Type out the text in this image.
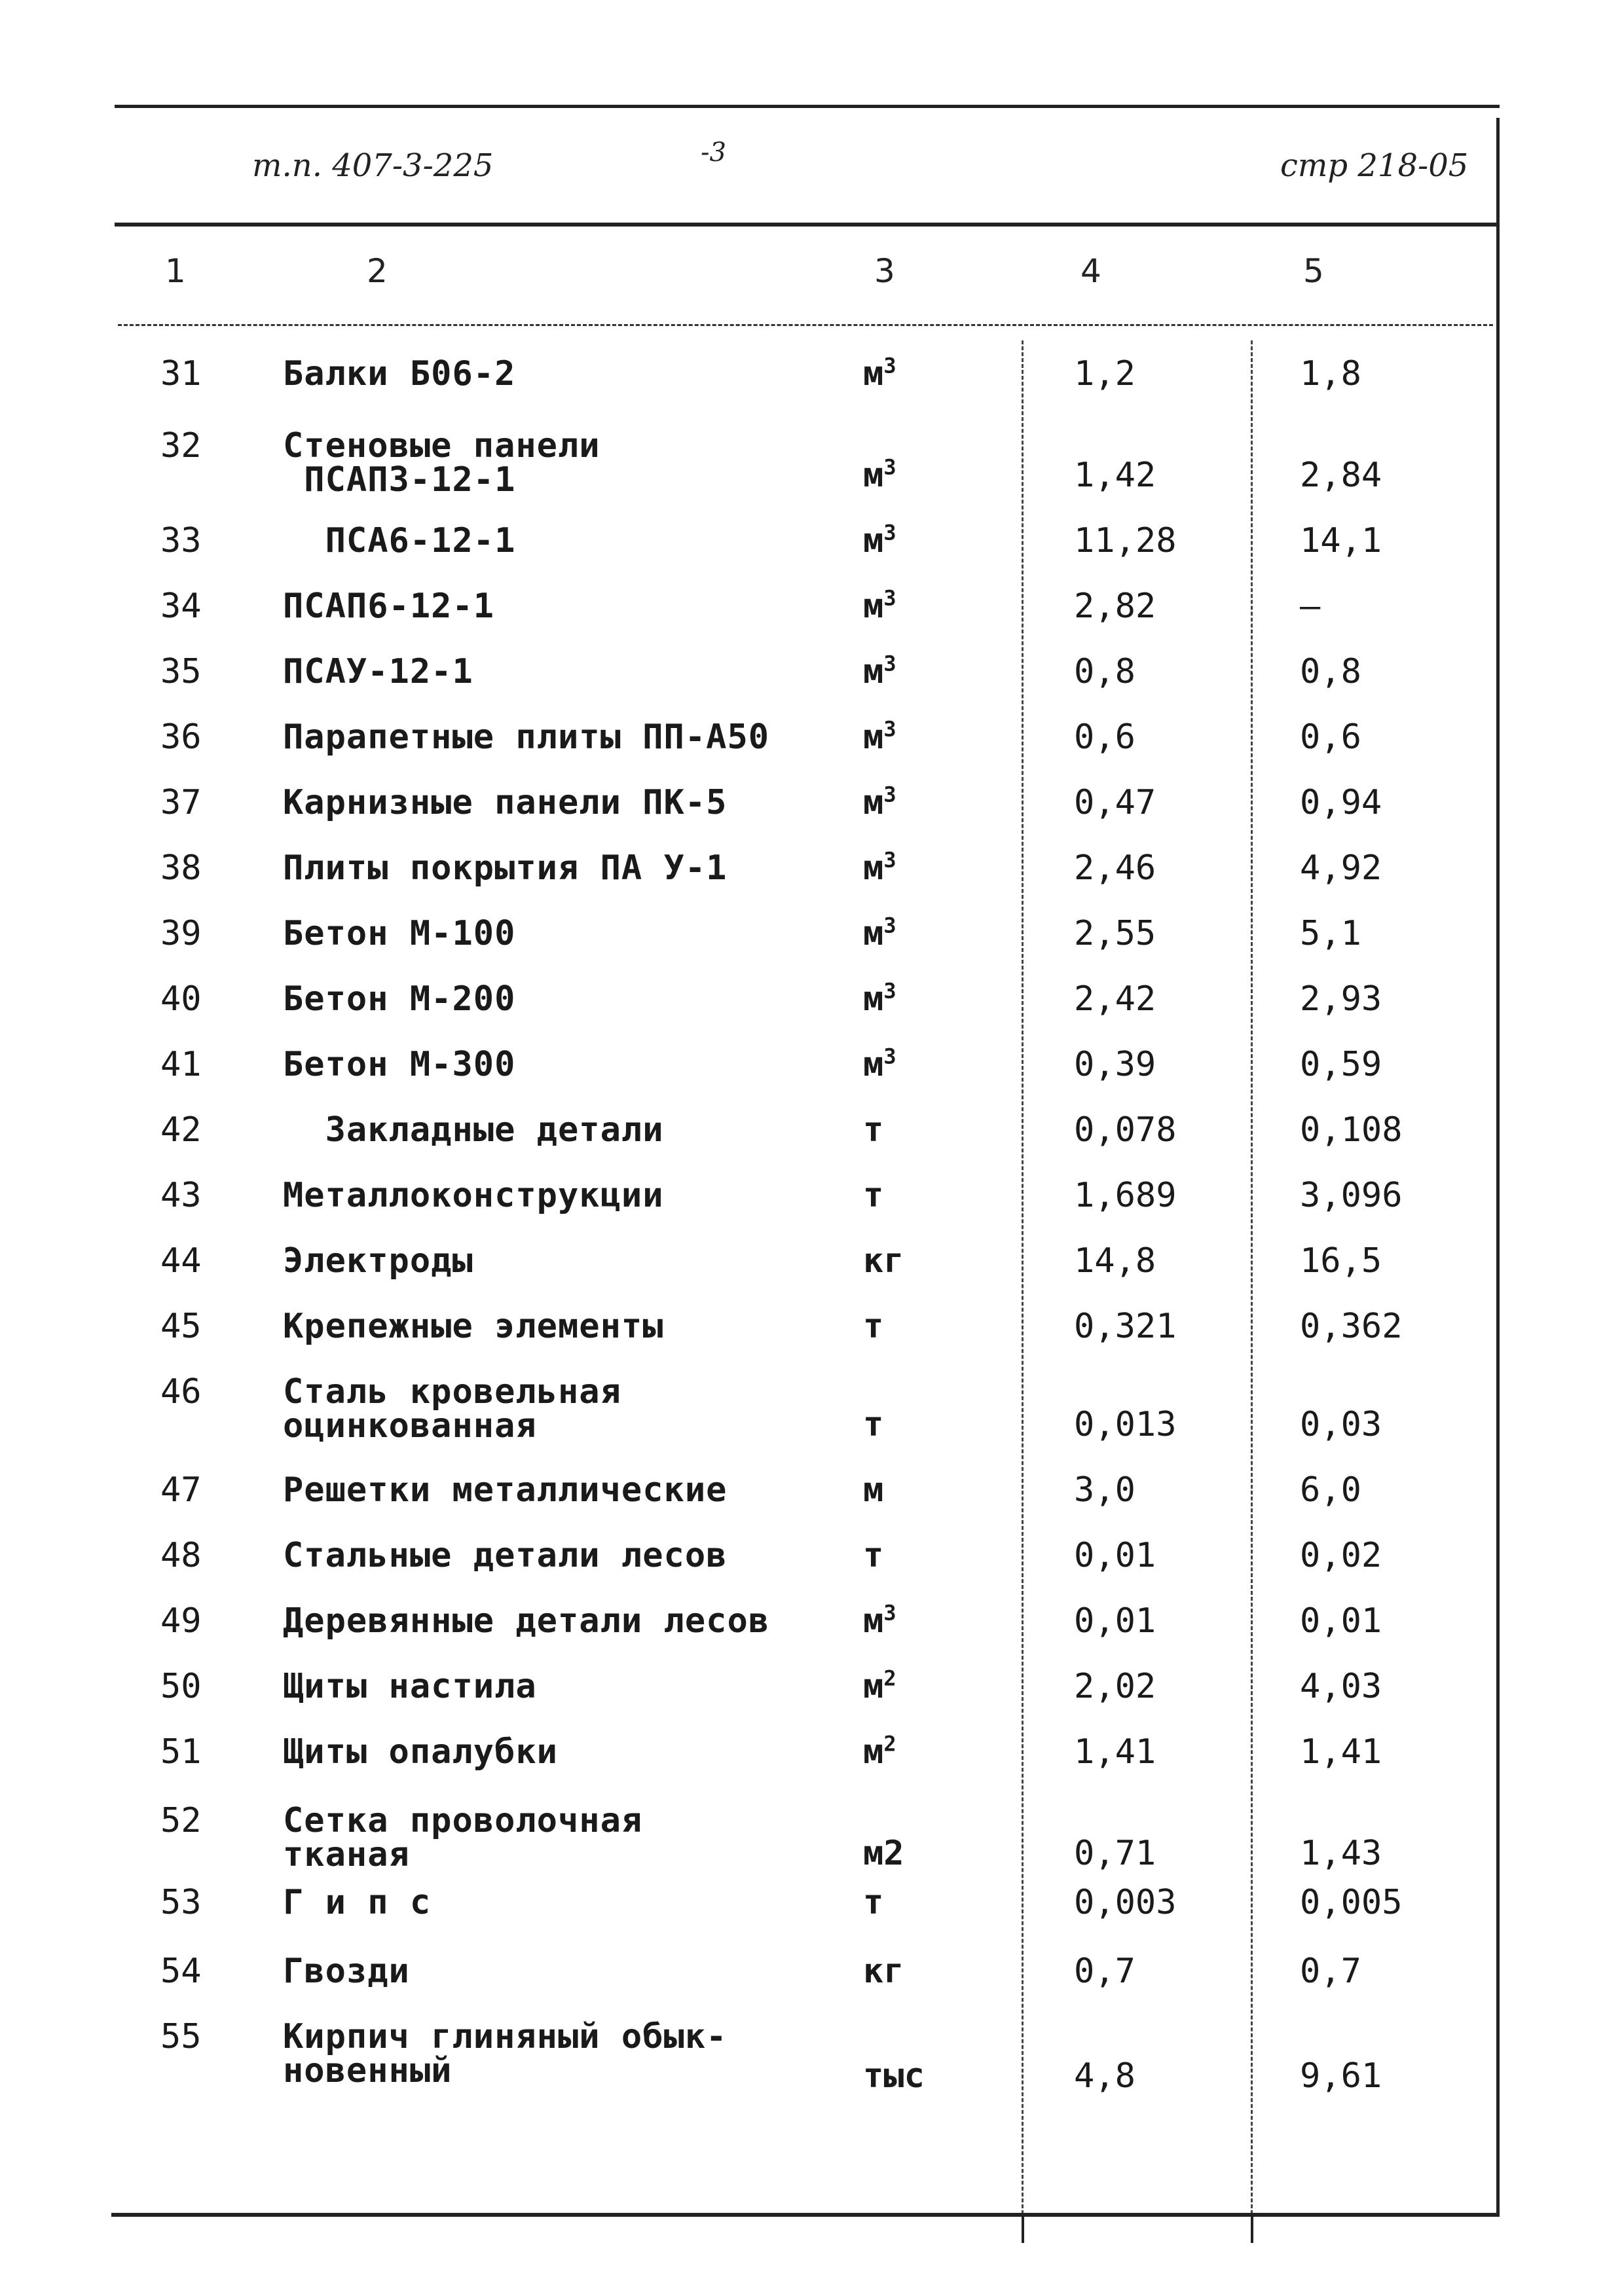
т.п. 407-3-225	-3	стр 218-05
1	2	3	4	5
31 Балки Б06-2	$м^3$	1,2	1,8
32 Стеновые панели
ПСАПЗ-12-1	$м^3$	1,42	2,84
33 ПСА6-12-1	$м^3$	11,28	14,1
34 ПСАП6-12-1	$м^3$	2,82	–
35 ПСАУ-12-1	$м^3$	0,8	0,8
36 Парапетные плиты ПП-А50	$м^3$	0,6	0,6
37 Карнизные панели ПК-5	$м^3$	0,47	0,94
38 Плиты покрытия ПА У-1	$м^3$	2,46	4,92
39 Бетон М-100	$м^3$	2,55	5,1
40 Бетон М-200	$м^3$	2,42	2,93
41 Бетон М-300	$м^3$	0,39	0,59
42 Закладные детали	т	0,078	0,108
43 Металлоконструкции	т	1,689	3,096
44 Электроды	кг	14,8	16,5
45 Крепежные элементы	т	0,321	0,362
46 Сталь кровельная
оцинкованная	т	0,013	0,03
47 Решетки металлические	м	3,0	6,0
48 Стальные детали лесов	т	0,01	0,02
49 Деревянные детали лесов	$м^3$	0,01	0,01
50 Щиты настила	$м^2$	2,02	4,03
51 Щиты опалубки	$м^2$	1,41	1,41
52 Сетка проволочная
тканая	м2	0,71	1,43
53 Г и п с	т	0,003	0,005
54 Гвозди	кг	0,7	0,7
55 Кирпич глиняный обык-
новенный	тыс	4,8	9,61
